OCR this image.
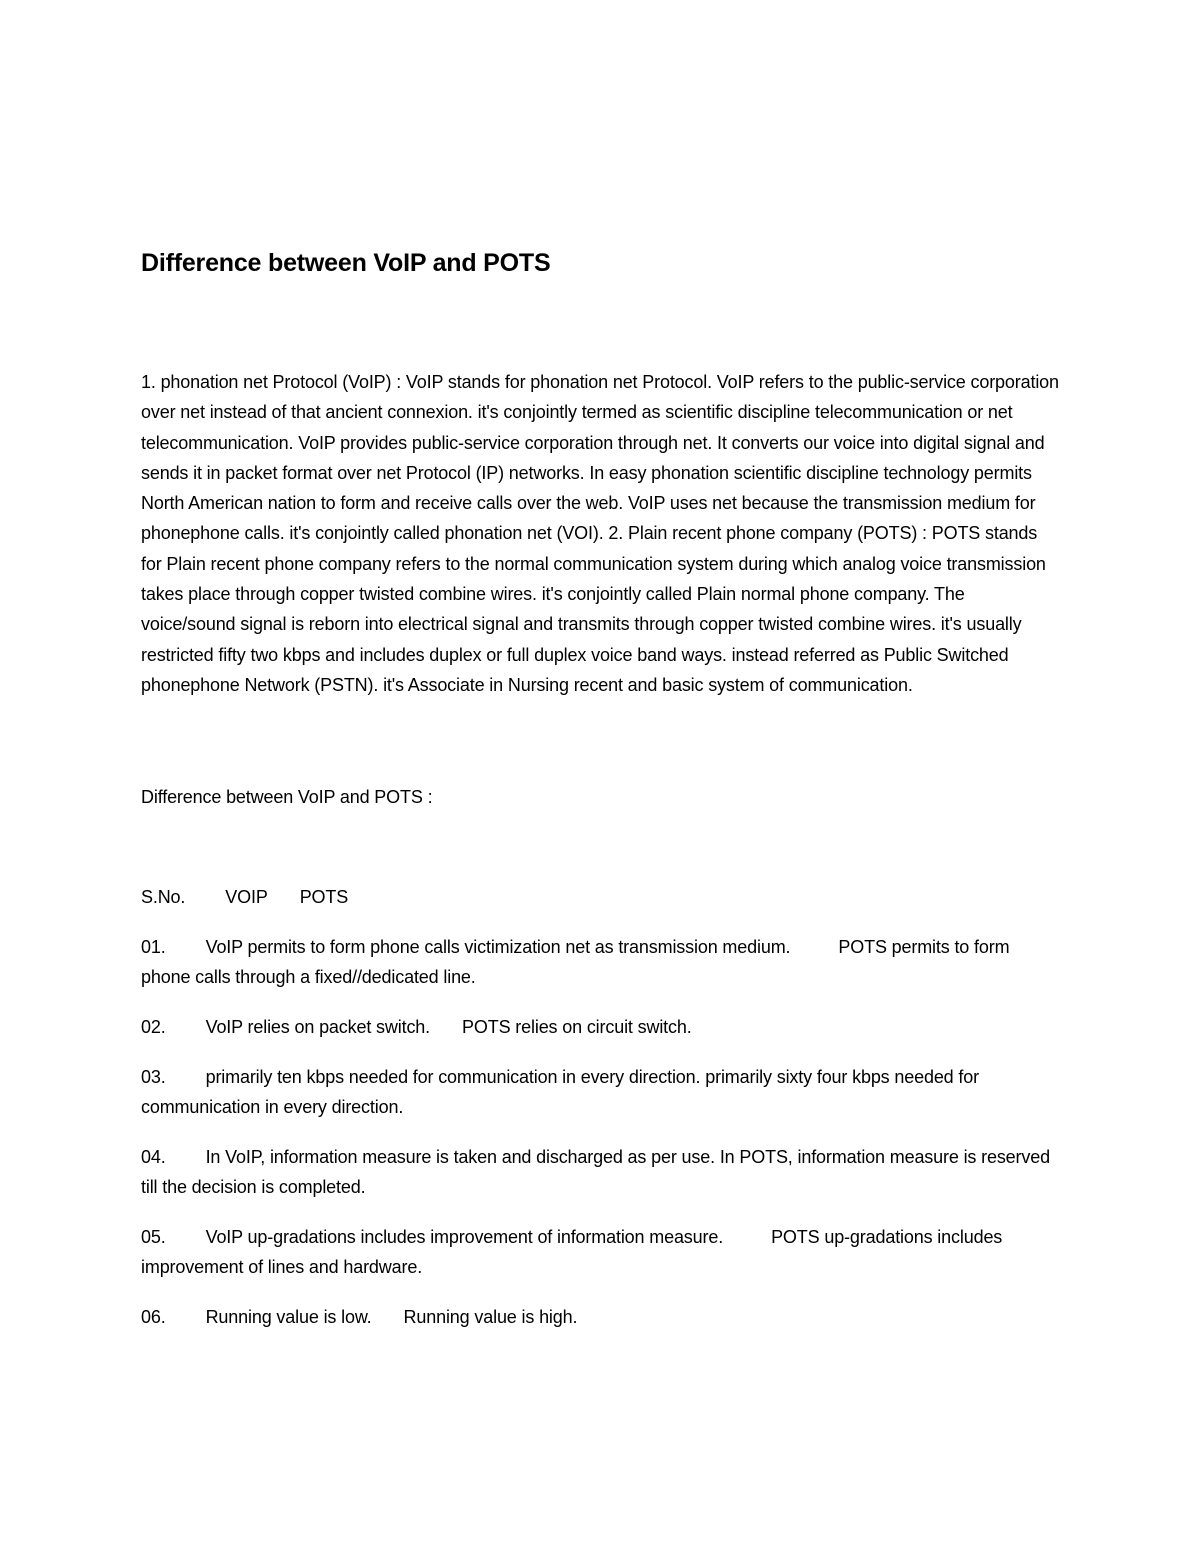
Difference between VoIP and POTS

1. phonation net Protocol (VoIP) : VoIP stands for phonation net Protocol. VoIP refers to the public-service corporation over net instead of that ancient connexion. it's conjointly termed as scientific discipline telecommunication or net telecommunication. VoIP provides public-service corporation through net. It converts our voice into digital signal and sends it in packet format over net Protocol (IP) networks. In easy phonation scientific discipline technology permits North American nation to form and receive calls over the web. VoIP uses net because the transmission medium for phonephone calls. it's conjointly called phonation net (VOI). 2. Plain recent phone company (POTS) : POTS stands for Plain recent phone company refers to the normal communication system during which analog voice transmission takes place through copper twisted combine wires. it's conjointly called Plain normal phone company. The voice/sound signal is reborn into electrical signal and transmits through copper twisted combine wires. it's usually restricted fifty two kbps and includes duplex or full duplex voice band ways. instead referred as Public Switched phonephone Network (PSTN). it's Associate in Nursing recent and basic system of communication.

Difference between VoIP and POTS :

S.No. VOIP POTS

01. VoIP permits to form phone calls victimization net as transmission medium.	POTS permits to form phone calls through a fixed//dedicated line.

02. VoIP relies on packet switch. POTS relies on circuit switch.

03. primarily ten kbps needed for communication in every direction. primarily sixty four kbps needed for communication in every direction.

04. In VoIP, information measure is taken and discharged as per use. In POTS, information measure is reserved till the decision is completed.

05. VoIP up-gradations includes improvement of information measure.	POTS up-gradations includes improvement of lines and hardware.

06. Running value is low. Running value is high.
